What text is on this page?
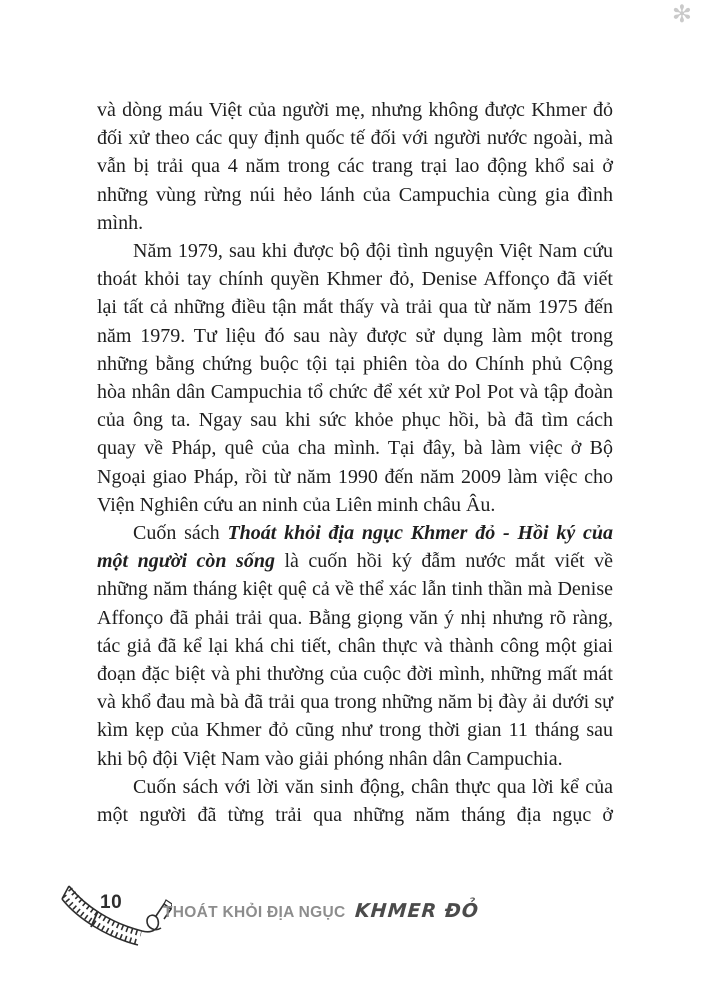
✻

và dòng máu Việt của người mẹ, nhưng không được Khmer đỏ đối xử theo các quy định quốc tế đối với người nước ngoài, mà vẫn bị trải qua 4 năm trong các trang trại lao động khổ sai ở những vùng rừng núi hẻo lánh của Campuchia cùng gia đình mình.

Năm 1979, sau khi được bộ đội tình nguyện Việt Nam cứu thoát khỏi tay chính quyền Khmer đỏ, Denise Affonço đã viết lại tất cả những điều tận mắt thấy và trải qua từ năm 1975 đến năm 1979. Tư liệu đó sau này được sử dụng làm một trong những bằng chứng buộc tội tại phiên tòa do Chính phủ Cộng hòa nhân dân Campuchia tổ chức để xét xử Pol Pot và tập đoàn của ông ta. Ngay sau khi sức khỏe phục hồi, bà đã tìm cách quay về Pháp, quê của cha mình. Tại đây, bà làm việc ở Bộ Ngoại giao Pháp, rồi từ năm 1990 đến năm 2009 làm việc cho Viện Nghiên cứu an ninh của Liên minh châu Âu.

Cuốn sách Thoát khỏi địa ngục Khmer đỏ - Hồi ký của một người còn sống là cuốn hồi ký đẫm nước mắt viết về những năm tháng kiệt quệ cả về thể xác lẫn tinh thần mà Denise Affonço đã phải trải qua. Bằng giọng văn ý nhị nhưng rõ ràng, tác giả đã kể lại khá chi tiết, chân thực và thành công một giai đoạn đặc biệt và phi thường của cuộc đời mình, những mất mát và khổ đau mà bà đã trải qua trong những năm bị đày ải dưới sự kìm kẹp của Khmer đỏ cũng như trong thời gian 11 tháng sau khi bộ đội Việt Nam vào giải phóng nhân dân Campuchia.

Cuốn sách với lời văn sinh động, chân thực qua lời kể của một người đã từng trải qua những năm tháng địa ngục ở

10	THOÁT KHỎI ĐỊA NGỤC KHMER ĐỎ
